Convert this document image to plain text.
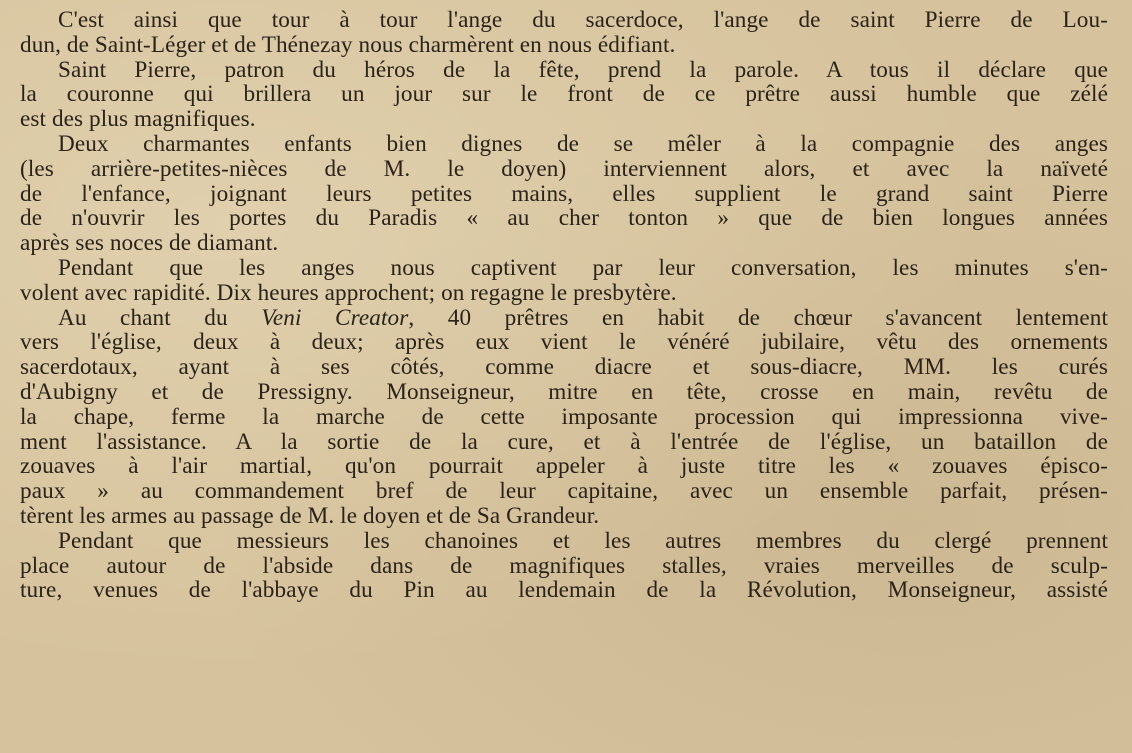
C'est ainsi que tour à tour l'ange du sacerdoce, l'ange de saint Pierre de Lou-
dun, de Saint-Léger et de Thénezay nous charmèrent en nous édifiant.

Saint Pierre, patron du héros de la fête, prend la parole. A tous il déclare que
la couronne qui brillera un jour sur le front de ce prêtre aussi humble que zélé
est des plus magnifiques.

Deux charmantes enfants bien dignes de se mêler à la compagnie des anges
(les arrière-petites-nièces de M. le doyen) interviennent alors, et avec la naïveté
de l'enfance, joignant leurs petites mains, elles supplient le grand saint Pierre
de n'ouvrir les portes du Paradis « au cher tonton » que de bien longues années
après ses noces de diamant.

Pendant que les anges nous captivent par leur conversation, les minutes s'en-
volent avec rapidité. Dix heures approchent; on regagne le presbytère.

Au chant du Veni Creator, 40 prêtres en habit de chœur s'avancent lentement
vers l'église, deux à deux; après eux vient le vénéré jubilaire, vêtu des ornements
sacerdotaux, ayant à ses côtés, comme diacre et sous-diacre, MM. les curés
d'Aubigny et de Pressigny. Monseigneur, mitre en tête, crosse en main, revêtu de
la chape, ferme la marche de cette imposante procession qui impressionna vive-
ment l'assistance. A la sortie de la cure, et à l'entrée de l'église, un bataillon de
zouaves à l'air martial, qu'on pourrait appeler à juste titre les « zouaves épisco-
paux » au commandement bref de leur capitaine, avec un ensemble parfait, présen-
tèrent les armes au passage de M. le doyen et de Sa Grandeur.

Pendant que messieurs les chanoines et les autres membres du clergé prennent
place autour de l'abside dans de magnifiques stalles, vraies merveilles de sculp-
ture, venues de l'abbaye du Pin au lendemain de la Révolution, Monseigneur, assisté
